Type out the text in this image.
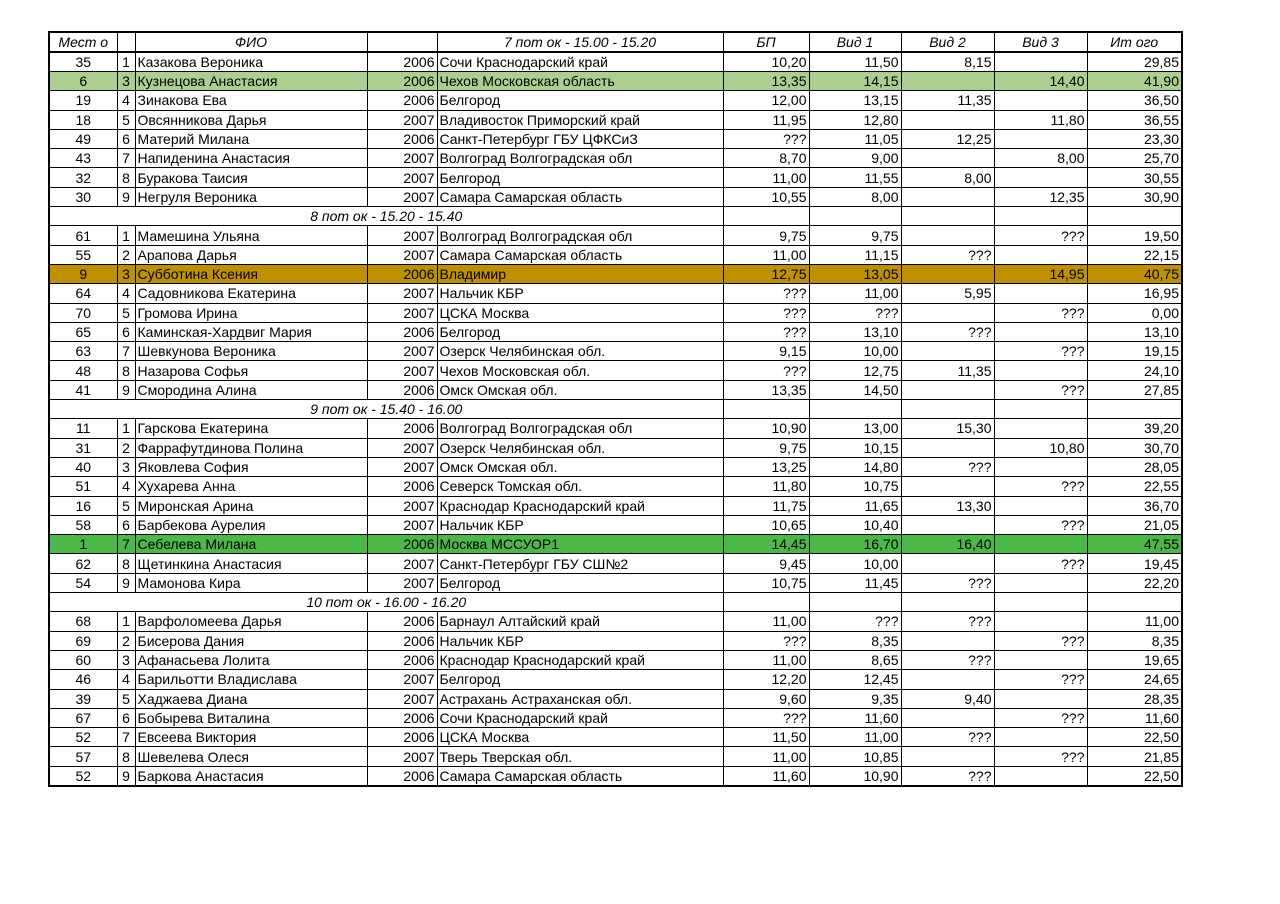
Мест о		ФИО		7 пот ок - 15.00 - 15.20	БП	Вид 1	Вид 2	Вид 3	Ит ого
35	1	Казакова Вероника	2006	Сочи Краснодарский край	10,20	11,50	8,15		29,85
6	3	Кузнецова Анастасия	2006	Чехов Московская область	13,35	14,15		14,40	41,90
19	4	Зинакова Ева	2006	Белгород	12,00	13,15	11,35		36,50
18	5	Овсянникова Дарья	2007	Владивосток Приморский край	11,95	12,80		11,80	36,55
49	6	Материй Милана	2006	Санкт-Петербург ГБУ ЦФКСиЗ	???	11,05	12,25		23,30
43	7	Напиденина Анастасия	2007	Волгоград Волгоградская обл	8,70	9,00		8,00	25,70
32	8	Буракова Таисия	2007	Белгород	11,00	11,55	8,00		30,55
30	9	Негруля Вероника	2007	Самара Самарская область	10,55	8,00		12,35	30,90
8 пот ок - 15.20 - 15.40									
61	1	Мамешина Ульяна	2007	Волгоград Волгоградская обл	9,75	9,75		???	19,50
55	2	Арапова Дарья	2007	Самара Самарская область	11,00	11,15	???		22,15
9	3	Субботина Ксения	2006	Владимир	12,75	13,05		14,95	40,75
64	4	Садовникова Екатерина	2007	Нальчик КБР	???	11,00	5,95		16,95
70	5	Громова Ирина	2007	ЦСКА Москва	???	???		???	0,00
65	6	Каминская-Хардвиг Мария	2006	Белгород	???	13,10	???		13,10
63	7	Шевкунова Вероника	2007	Озерск Челябинская обл.	9,15	10,00		???	19,15
48	8	Назарова Софья	2007	Чехов Московская обл.	???	12,75	11,35		24,10
41	9	Смородина Алина	2006	Омск Омская обл.	13,35	14,50		???	27,85
9 пот ок - 15.40 - 16.00									
11	1	Гарскова Екатерина	2006	Волгоград Волгоградская обл	10,90	13,00	15,30		39,20
31	2	Фаррафутдинова Полина	2007	Озерск Челябинская обл.	9,75	10,15		10,80	30,70
40	3	Яковлева София	2007	Омск Омская обл.	13,25	14,80	???		28,05
51	4	Хухарева Анна	2006	Северск Томская обл.	11,80	10,75		???	22,55
16	5	Миронская Арина	2007	Краснодар Краснодарский край	11,75	11,65	13,30		36,70
58	6	Барбекова Аурелия	2007	Нальчик КБР	10,65	10,40		???	21,05
1	7	Себелева Милана	2006	Москва МССУОР1	14,45	16,70	16,40		47,55
62	8	Щетинкина Анастасия	2007	Санкт-Петербург ГБУ СШ№2	9,45	10,00		???	19,45
54	9	Мамонова Кира	2007	Белгород	10,75	11,45	???		22,20
10 пот ок - 16.00 - 16.20									
68	1	Варфоломеева Дарья	2006	Барнаул Алтайский край	11,00	???	???		11,00
69	2	Бисерова Дания	2006	Нальчик КБР	???	8,35		???	8,35
60	3	Афанасьева Лолита	2006	Краснодар Краснодарский край	11,00	8,65	???		19,65
46	4	Барильотти Владислава	2007	Белгород	12,20	12,45		???	24,65
39	5	Хаджаева Диана	2007	Астрахань Астраханская обл.	9,60	9,35	9,40		28,35
67	6	Бобырева Виталина	2006	Сочи Краснодарский край	???	11,60		???	11,60
52	7	Евсеева Виктория	2006	ЦСКА Москва	11,50	11,00	???		22,50
57	8	Шевелева Олеся	2007	Тверь Тверская обл.	11,00	10,85		???	21,85
52	9	Баркова Анастасия	2006	Самара Самарская область	11,60	10,90	???		22,50
